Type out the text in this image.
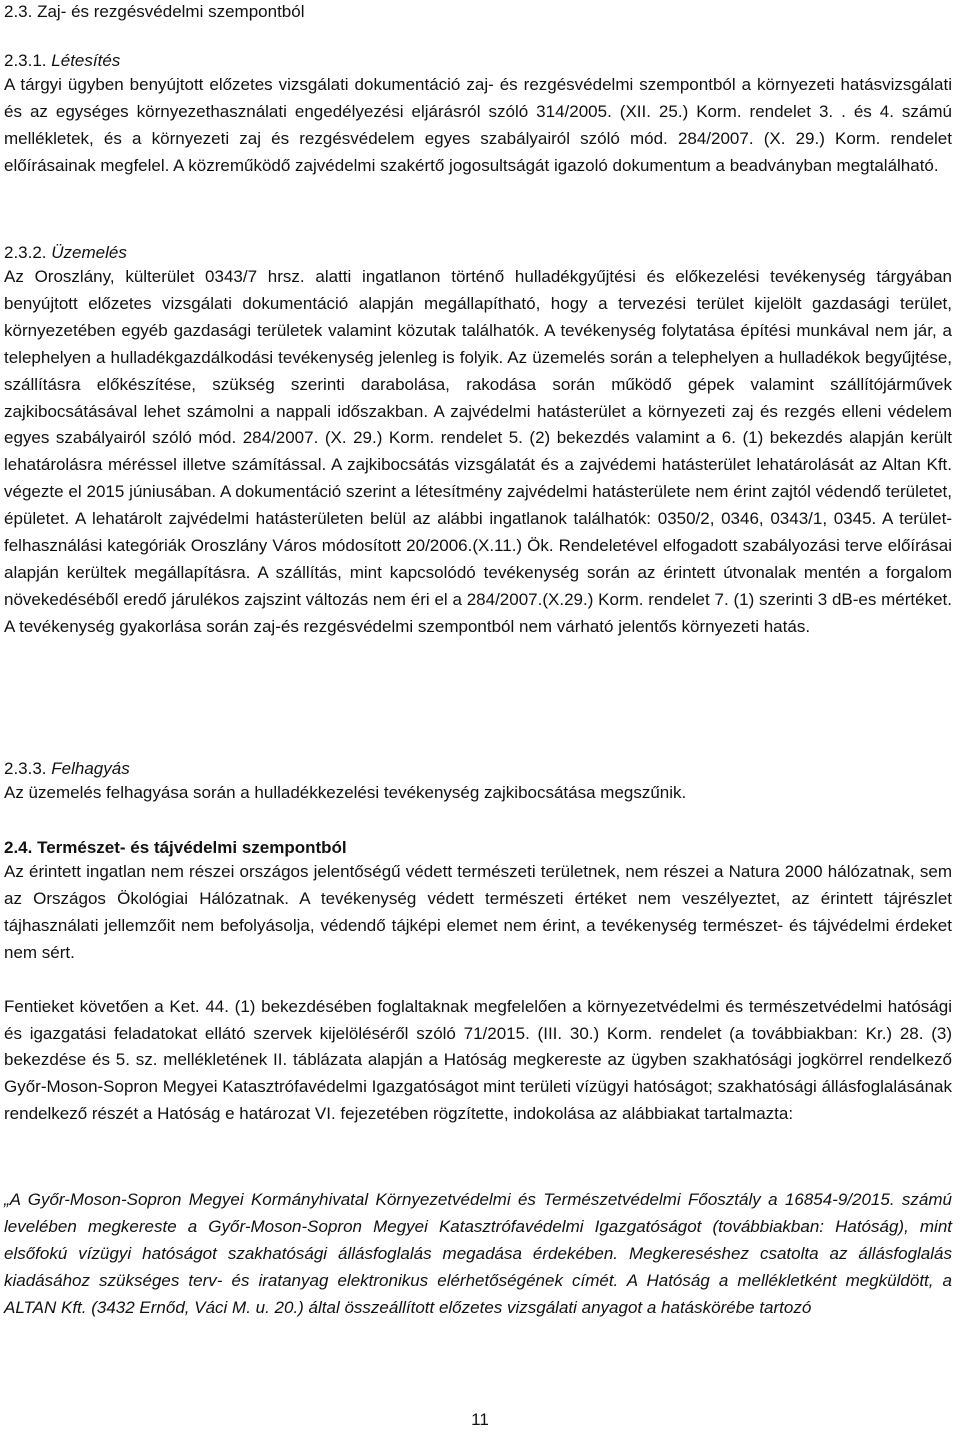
2.3. Zaj- és rezgésvédelmi szempontból
2.3.1. Létesítés

A tárgyi ügyben benyújtott előzetes vizsgálati dokumentáció zaj- és rezgésvédelmi szempontból a környezeti hatásvizsgálati és az egységes környezethasználati engedélyezési eljárásról szóló 314/2005. (XII. 25.) Korm. rendelet 3. . és 4. számú mellékletek, és a környezeti zaj és rezgésvédelem egyes szabályairól szóló mód. 284/2007. (X. 29.) Korm. rendelet előírásainak megfelel. A közreműködő zajvédelmi szakértő jogosultságát igazoló dokumentum a beadványban megtalálható.

2.3.2. Üzemelés

Az Oroszlány, külterület 0343/7 hrsz. alatti ingatlanon történő hulladékgyűjtési és előkezelési tevékenység tárgyában benyújtott előzetes vizsgálati dokumentáció alapján megállapítható, hogy a tervezési terület kijelölt gazdasági terület, környezetében egyéb gazdasági területek valamint közutak találhatók. A tevékenység folytatása építési munkával nem jár, a telephelyen a hulladékgazdálkodási tevékenység jelenleg is folyik. Az üzemelés során a telephelyen a hulladékok begyűjtése, szállításra előkészítése, szükség szerinti darabolása, rakodása során működő gépek valamint szállítójárművek zajkibocsátásával lehet számolni a nappali időszakban. A zajvédelmi hatásterület a környezeti zaj és rezgés elleni védelem egyes szabályairól szóló mód. 284/2007. (X. 29.) Korm. rendelet 5. (2) bekezdés valamint a 6. (1) bekezdés alapján került lehatárolásra méréssel illetve számítással. A zajkibocsátás vizsgálatát és a zajvédemi hatásterület lehatárolását az Altan Kft. végezte el 2015 júniusában. A dokumentáció szerint a létesítmény zajvédelmi hatásterülete nem érint zajtól védendő területet, épületet. A lehatárolt zajvédelmi hatásterületen belül az alábbi ingatlanok találhatók: 0350/2, 0346, 0343/1, 0345. A terület-felhasználási kategóriák Oroszlány Város módosított 20/2006.(X.11.) Ök. Rendeletével elfogadott szabályozási terve előírásai alapján kerültek megállapításra. A szállítás, mint kapcsolódó tevékenység során az érintett útvonalak mentén a forgalom növekedéséből eredő járulékos zajszint változás nem éri el a 284/2007.(X.29.) Korm. rendelet 7. (1) szerinti 3 dB-es mértéket. A tevékenység gyakorlása során zaj-és rezgésvédelmi szempontból nem várható jelentős környezeti hatás.

2.3.3. Felhagyás

Az üzemelés felhagyása során a hulladékkezelési tevékenység zajkibocsátása megszűnik.

2.4. Természet- és tájvédelmi szempontból

Az érintett ingatlan nem részei országos jelentőségű védett természeti területnek, nem részei a Natura 2000 hálózatnak, sem az Országos Ökológiai Hálózatnak. A tevékenység védett természeti értéket nem veszélyeztet, az érintett tájrészlet tájhasználati jellemzőit nem befolyásolja, védendő tájképi elemet nem érint, a tevékenység természet- és tájvédelmi érdeket nem sért.

Fentieket követően a Ket. 44. (1) bekezdésében foglaltaknak megfelelően a környezetvédelmi és természetvédelmi hatósági és igazgatási feladatokat ellátó szervek kijelöléséről szóló 71/2015. (III. 30.) Korm. rendelet (a továbbiakban: Kr.) 28. (3) bekezdése és 5. sz. mellékletének II. táblázata alapján a Hatóság megkereste az ügyben szakhatósági jogkörrel rendelkező Győr-Moson-Sopron Megyei Katasztrófavédelmi Igazgatóságot mint területi vízügyi hatóságot; szakhatósági állásfoglalásának rendelkező részét a Hatóság e határozat VI. fejezetében rögzítette, indokolása az alábbiakat tartalmazta:

„A Győr-Moson-Sopron Megyei Kormányhivatal Környezetvédelmi és Természetvédelmi Főosztály a 16854-9/2015. számú levelében megkereste a Győr-Moson-Sopron Megyei Katasztrófavédelmi Igazgatóságot (továbbiakban: Hatóság), mint elsőfokú vízügyi hatóságot szakhatósági állásfoglalás megadása érdekében. Megkereséshez csatolta az állásfoglalás kiadásához szükséges terv- és iratanyag elektronikus elérhetőségének címét. A Hatóság a mellékletként megküldött, a ALTAN Kft. (3432 Ernőd, Váci M. u. 20.) által összeállított előzetes vizsgálati anyagot a hatáskörébe tartozó

11
